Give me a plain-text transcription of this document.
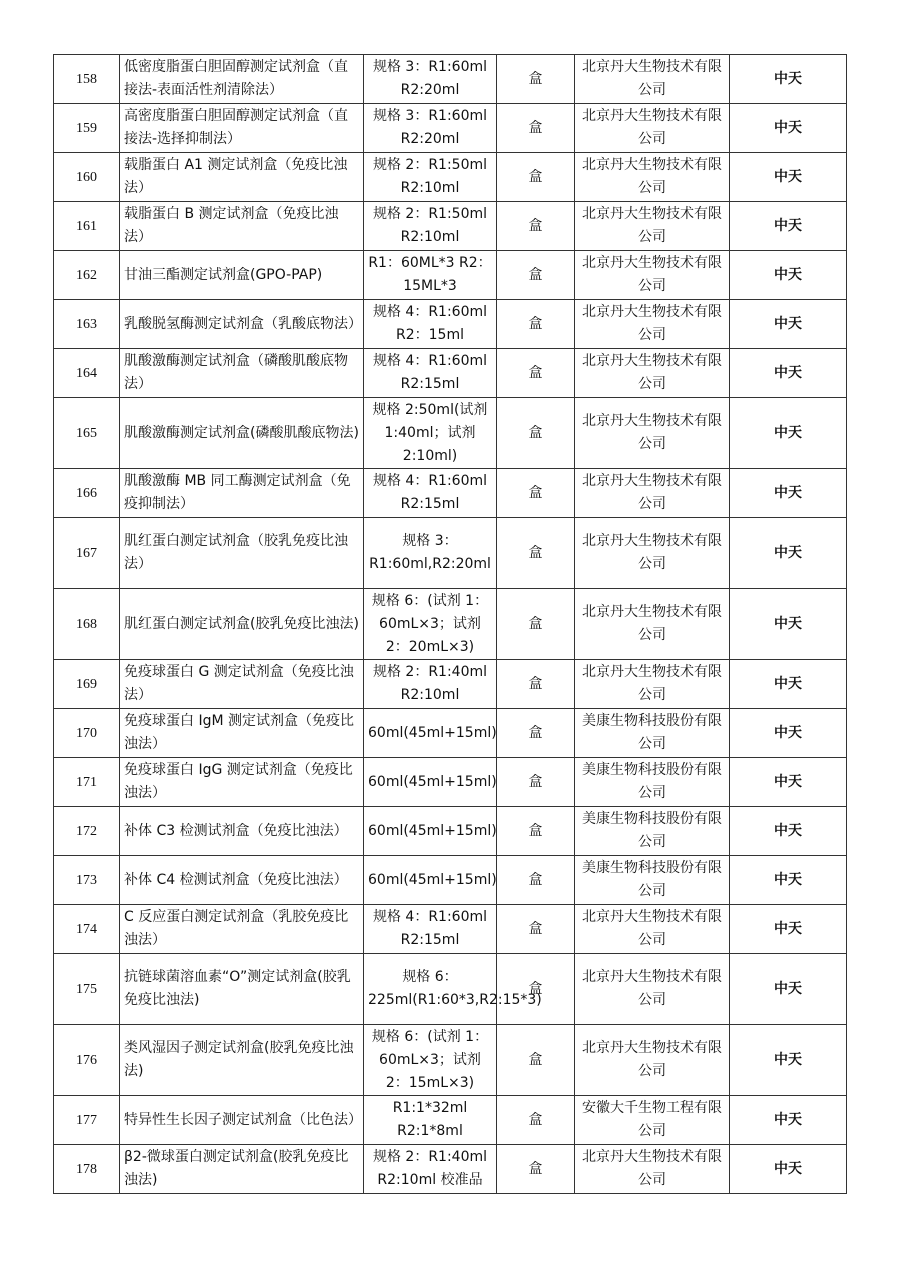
158	低密度脂蛋白胆固醇测定试剂盒（直接法-表面活性剂清除法）	规格 3：R1:60ml R2:20ml	盒	北京丹大生物技术有限公司	中天
159	高密度脂蛋白胆固醇测定试剂盒（直接法-选择抑制法）	规格 3：R1:60ml R2:20ml	盒	北京丹大生物技术有限公司	中天
160	载脂蛋白 A1 测定试剂盒（免疫比浊法）	规格 2：R1:50ml R2:10ml	盒	北京丹大生物技术有限公司	中天
161	载脂蛋白 B 测定试剂盒（免疫比浊法）	规格 2：R1:50ml R2:10ml	盒	北京丹大生物技术有限公司	中天
162	甘油三酯测定试剂盒(GPO-PAP)	R1：60ML*3 R2：15ML*3	盒	北京丹大生物技术有限公司	中天
163	乳酸脱氢酶测定试剂盒（乳酸底物法）	规格 4：R1:60ml R2：15ml	盒	北京丹大生物技术有限公司	中天
164	肌酸激酶测定试剂盒（磷酸肌酸底物法）	规格 4：R1:60ml R2:15ml	盒	北京丹大生物技术有限公司	中天
165	肌酸激酶测定试剂盒(磷酸肌酸底物法)	规格 2:50ml(试剂1:40ml；试剂2:10ml)	盒	北京丹大生物技术有限公司	中天
166	肌酸激酶 MB 同工酶测定试剂盒（免疫抑制法）	规格 4：R1:60ml R2:15ml	盒	北京丹大生物技术有限公司	中天
167	肌红蛋白测定试剂盒（胶乳免疫比浊法）	规格 3：R1:60ml,R2:20ml	盒	北京丹大生物技术有限公司	中天
168	肌红蛋白测定试剂盒(胶乳免疫比浊法)	规格 6：(试剂 1：60mL×3；试剂 2：20mL×3)	盒	北京丹大生物技术有限公司	中天
169	免疫球蛋白 G 测定试剂盒（免疫比浊法）	规格 2：R1:40ml R2:10ml	盒	北京丹大生物技术有限公司	中天
170	免疫球蛋白 IgM 测定试剂盒（免疫比浊法）	60ml(45ml+15ml)	盒	美康生物科技股份有限公司	中天
171	免疫球蛋白 IgG 测定试剂盒（免疫比浊法）	60ml(45ml+15ml)	盒	美康生物科技股份有限公司	中天
172	补体 C3 检测试剂盒（免疫比浊法）	60ml(45ml+15ml)	盒	美康生物科技股份有限公司	中天
173	补体 C4 检测试剂盒（免疫比浊法）	60ml(45ml+15ml)	盒	美康生物科技股份有限公司	中天
174	C 反应蛋白测定试剂盒（乳胶免疫比浊法）	规格 4：R1:60ml R2:15ml	盒	北京丹大生物技术有限公司	中天
175	抗链球菌溶血素“O”测定试剂盒(胶乳免疫比浊法)	规格 6：225ml(R1:60*3,R2:15*3)	盒	北京丹大生物技术有限公司	中天
176	类风湿因子测定试剂盒(胶乳免疫比浊法)	规格 6：(试剂 1：60mL×3；试剂 2：15mL×3)	盒	北京丹大生物技术有限公司	中天
177	特异性生长因子测定试剂盒（比色法）	R1:1*32ml R2:1*8ml	盒	安徽大千生物工程有限公司	中天
178	β2-微球蛋白测定试剂盒(胶乳免疫比浊法)	规格 2：R1:40ml R2:10ml 校准品	盒	北京丹大生物技术有限公司	中天
